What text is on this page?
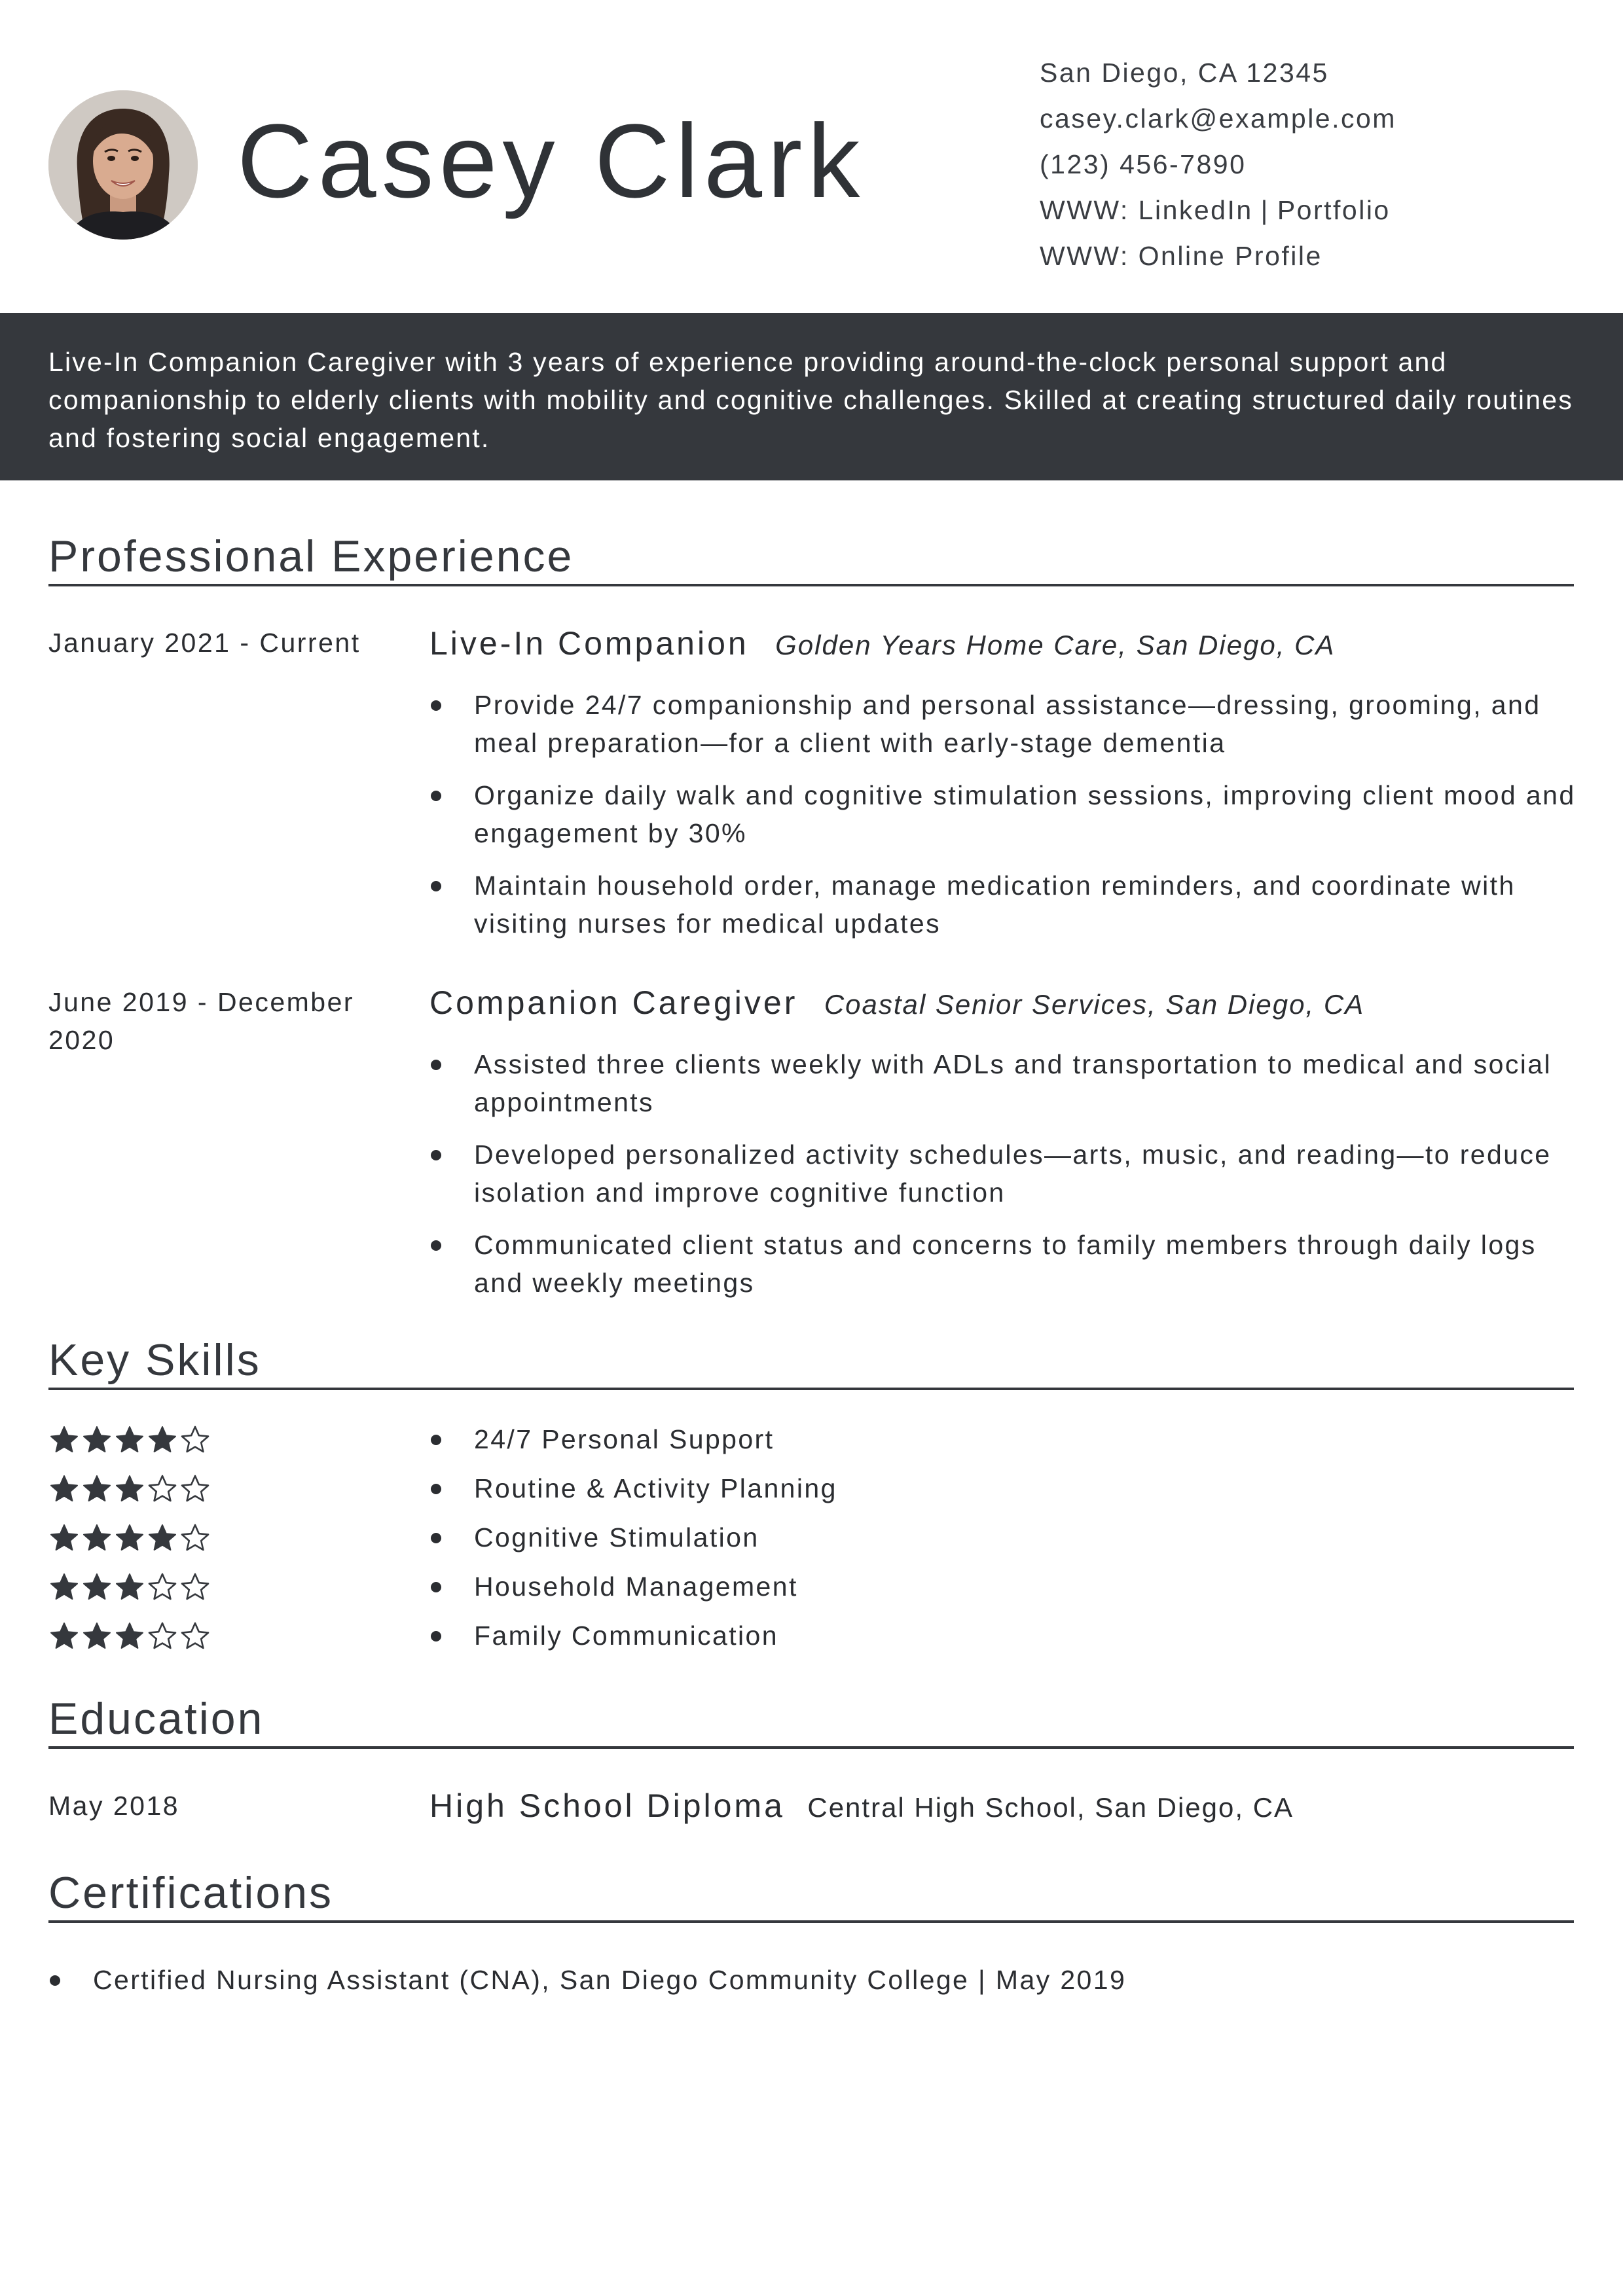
Casey Clark
San Diego, CA 12345
casey.clark@example.com
(123) 456-7890
WWW: LinkedIn | Portfolio
WWW: Online Profile

Live-In Companion Caregiver with 3 years of experience providing around-the-clock personal support and companionship to elderly clients with mobility and cognitive challenges. Skilled at creating structured daily routines and fostering social engagement.

Professional Experience
January 2021 - Current	Live-In Companion Golden Years Home Care, San Diego, CA
Provide 24/7 companionship and personal assistance—dressing, grooming, and meal preparation—for a client with early-stage dementia
Organize daily walk and cognitive stimulation sessions, improving client mood and engagement by 30%
Maintain household order, manage medication reminders, and coordinate with visiting nurses for medical updates
June 2019 - December 2020
Companion Caregiver Coastal Senior Services, San Diego, CA
Assisted three clients weekly with ADLs and transportation to medical and social appointments
Developed personalized activity schedules—arts, music, and reading—to reduce isolation and improve cognitive function
Communicated client status and concerns to family members through daily logs and weekly meetings
Key Skills
24/7 Personal Support
Routine & Activity Planning
Cognitive Stimulation
Household Management
Family Communication
Education
May 2018	High School Diploma Central High School, San Diego, CA
Certifications
Certified Nursing Assistant (CNA), San Diego Community College | May 2019
